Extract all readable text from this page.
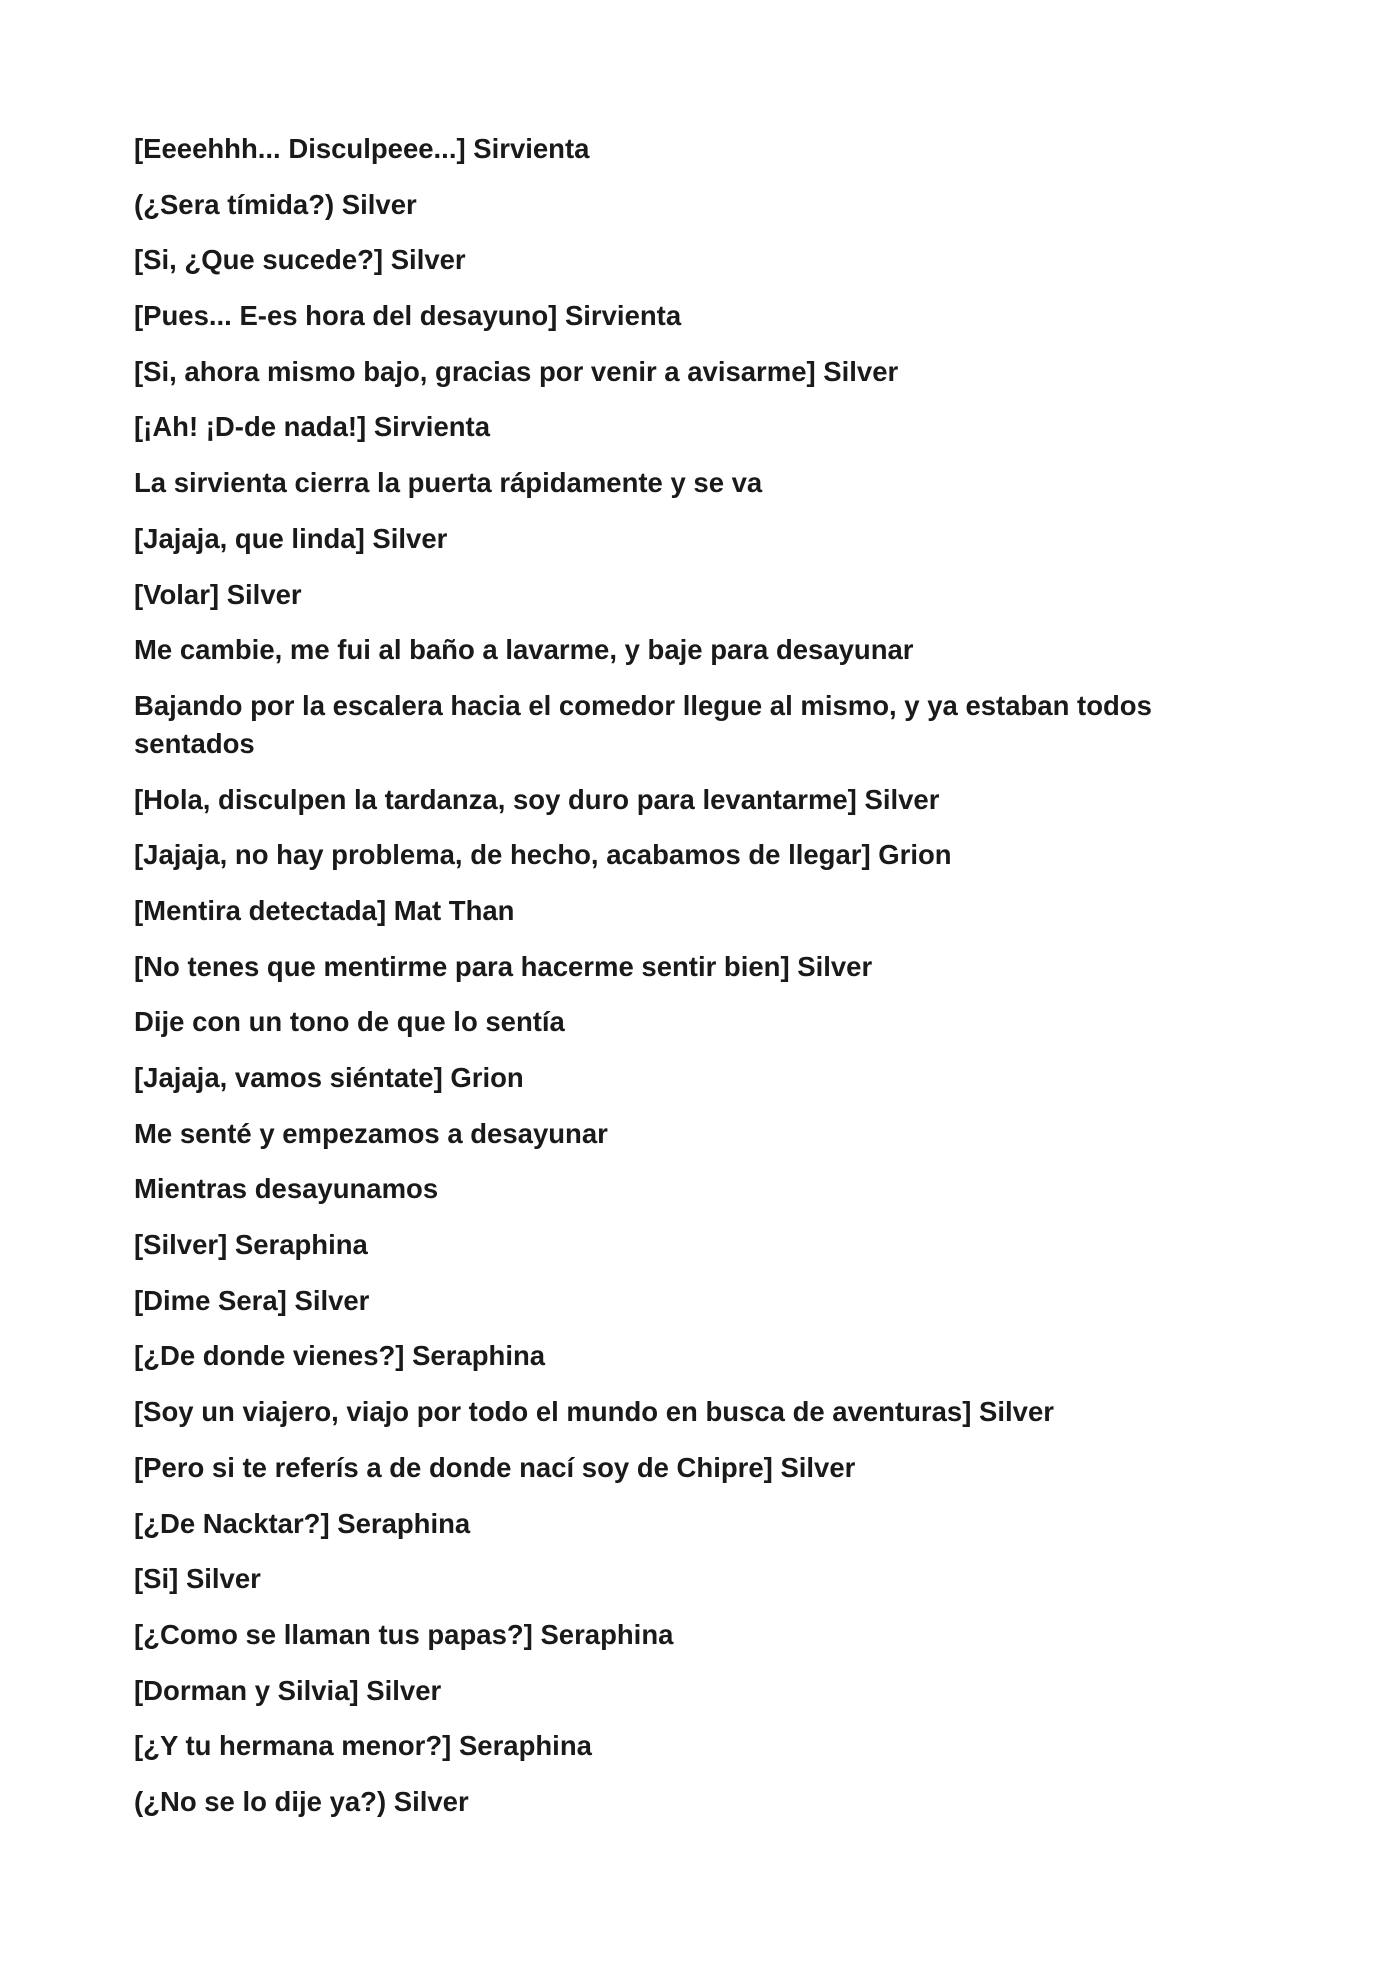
[Eeeehhh... Disculpeee...] Sirvienta

(¿Sera tímida?) Silver

[Si, ¿Que sucede?] Silver

[Pues... E-es hora del desayuno] Sirvienta

[Si, ahora mismo bajo, gracias por venir a avisarme] Silver

[¡Ah! ¡D-de nada!] Sirvienta

La sirvienta cierra la puerta rápidamente y se va

[Jajaja, que linda] Silver

[Volar] Silver

Me cambie, me fui al baño a lavarme, y baje para desayunar

Bajando por la escalera hacia el comedor llegue al mismo, y ya estaban todos sentados

[Hola, disculpen la tardanza, soy duro para levantarme] Silver

[Jajaja, no hay problema, de hecho, acabamos de llegar] Grion

[Mentira detectada] Mat Than

[No tenes que mentirme para hacerme sentir bien] Silver

Dije con un tono de que lo sentía

[Jajaja, vamos siéntate] Grion

Me senté y empezamos a desayunar

Mientras desayunamos

[Silver] Seraphina

[Dime Sera] Silver

[¿De donde vienes?] Seraphina

[Soy un viajero, viajo por todo el mundo en busca de aventuras] Silver

[Pero si te referís a de donde nací soy de Chipre] Silver

[¿De Nacktar?] Seraphina

[Si] Silver

[¿Como se llaman tus papas?] Seraphina

[Dorman y Silvia] Silver

[¿Y tu hermana menor?] Seraphina

(¿No se lo dije ya?) Silver
